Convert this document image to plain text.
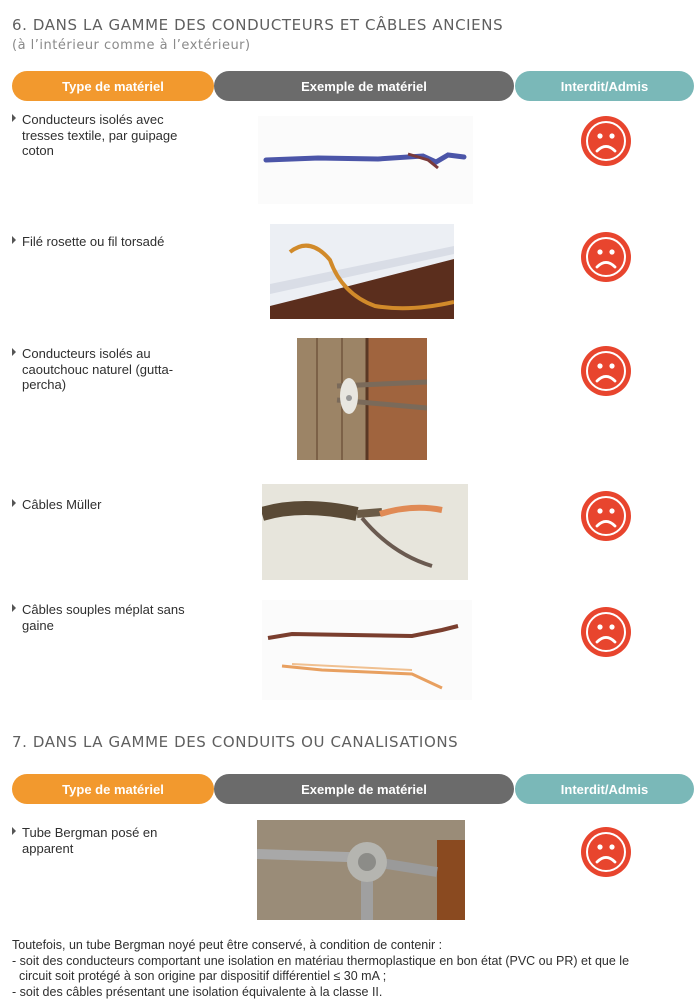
6. DANS LA GAMME DES CONDUCTEURS ET CÂBLES ANCIENS
(à l’intérieur comme à l’extérieur)
Interdit/Admis
Exemple de matériel
Type de matériel
Conducteurs isolés avec tresses textile, par guipage coton
Filé rosette ou fil torsadé
Conducteurs isolés au caoutchouc naturel (gutta-percha)
Câbles Müller
Câbles souples méplat sans gaine
7. DANS LA GAMME DES CONDUITS OU CANALISATIONS
Interdit/Admis
Exemple de matériel
Type de matériel
Tube Bergman posé en apparent
Toutefois, un tube Bergman noyé peut être conservé, à condition de contenir :
- soit des conducteurs comportant une isolation en matériau thermoplastique en bon état (PVC ou PR) et que le
circuit soit protégé à son origine par dispositif différentiel ≤ 30 mA ;
- soit des câbles présentant une isolation équivalente à la classe II.
